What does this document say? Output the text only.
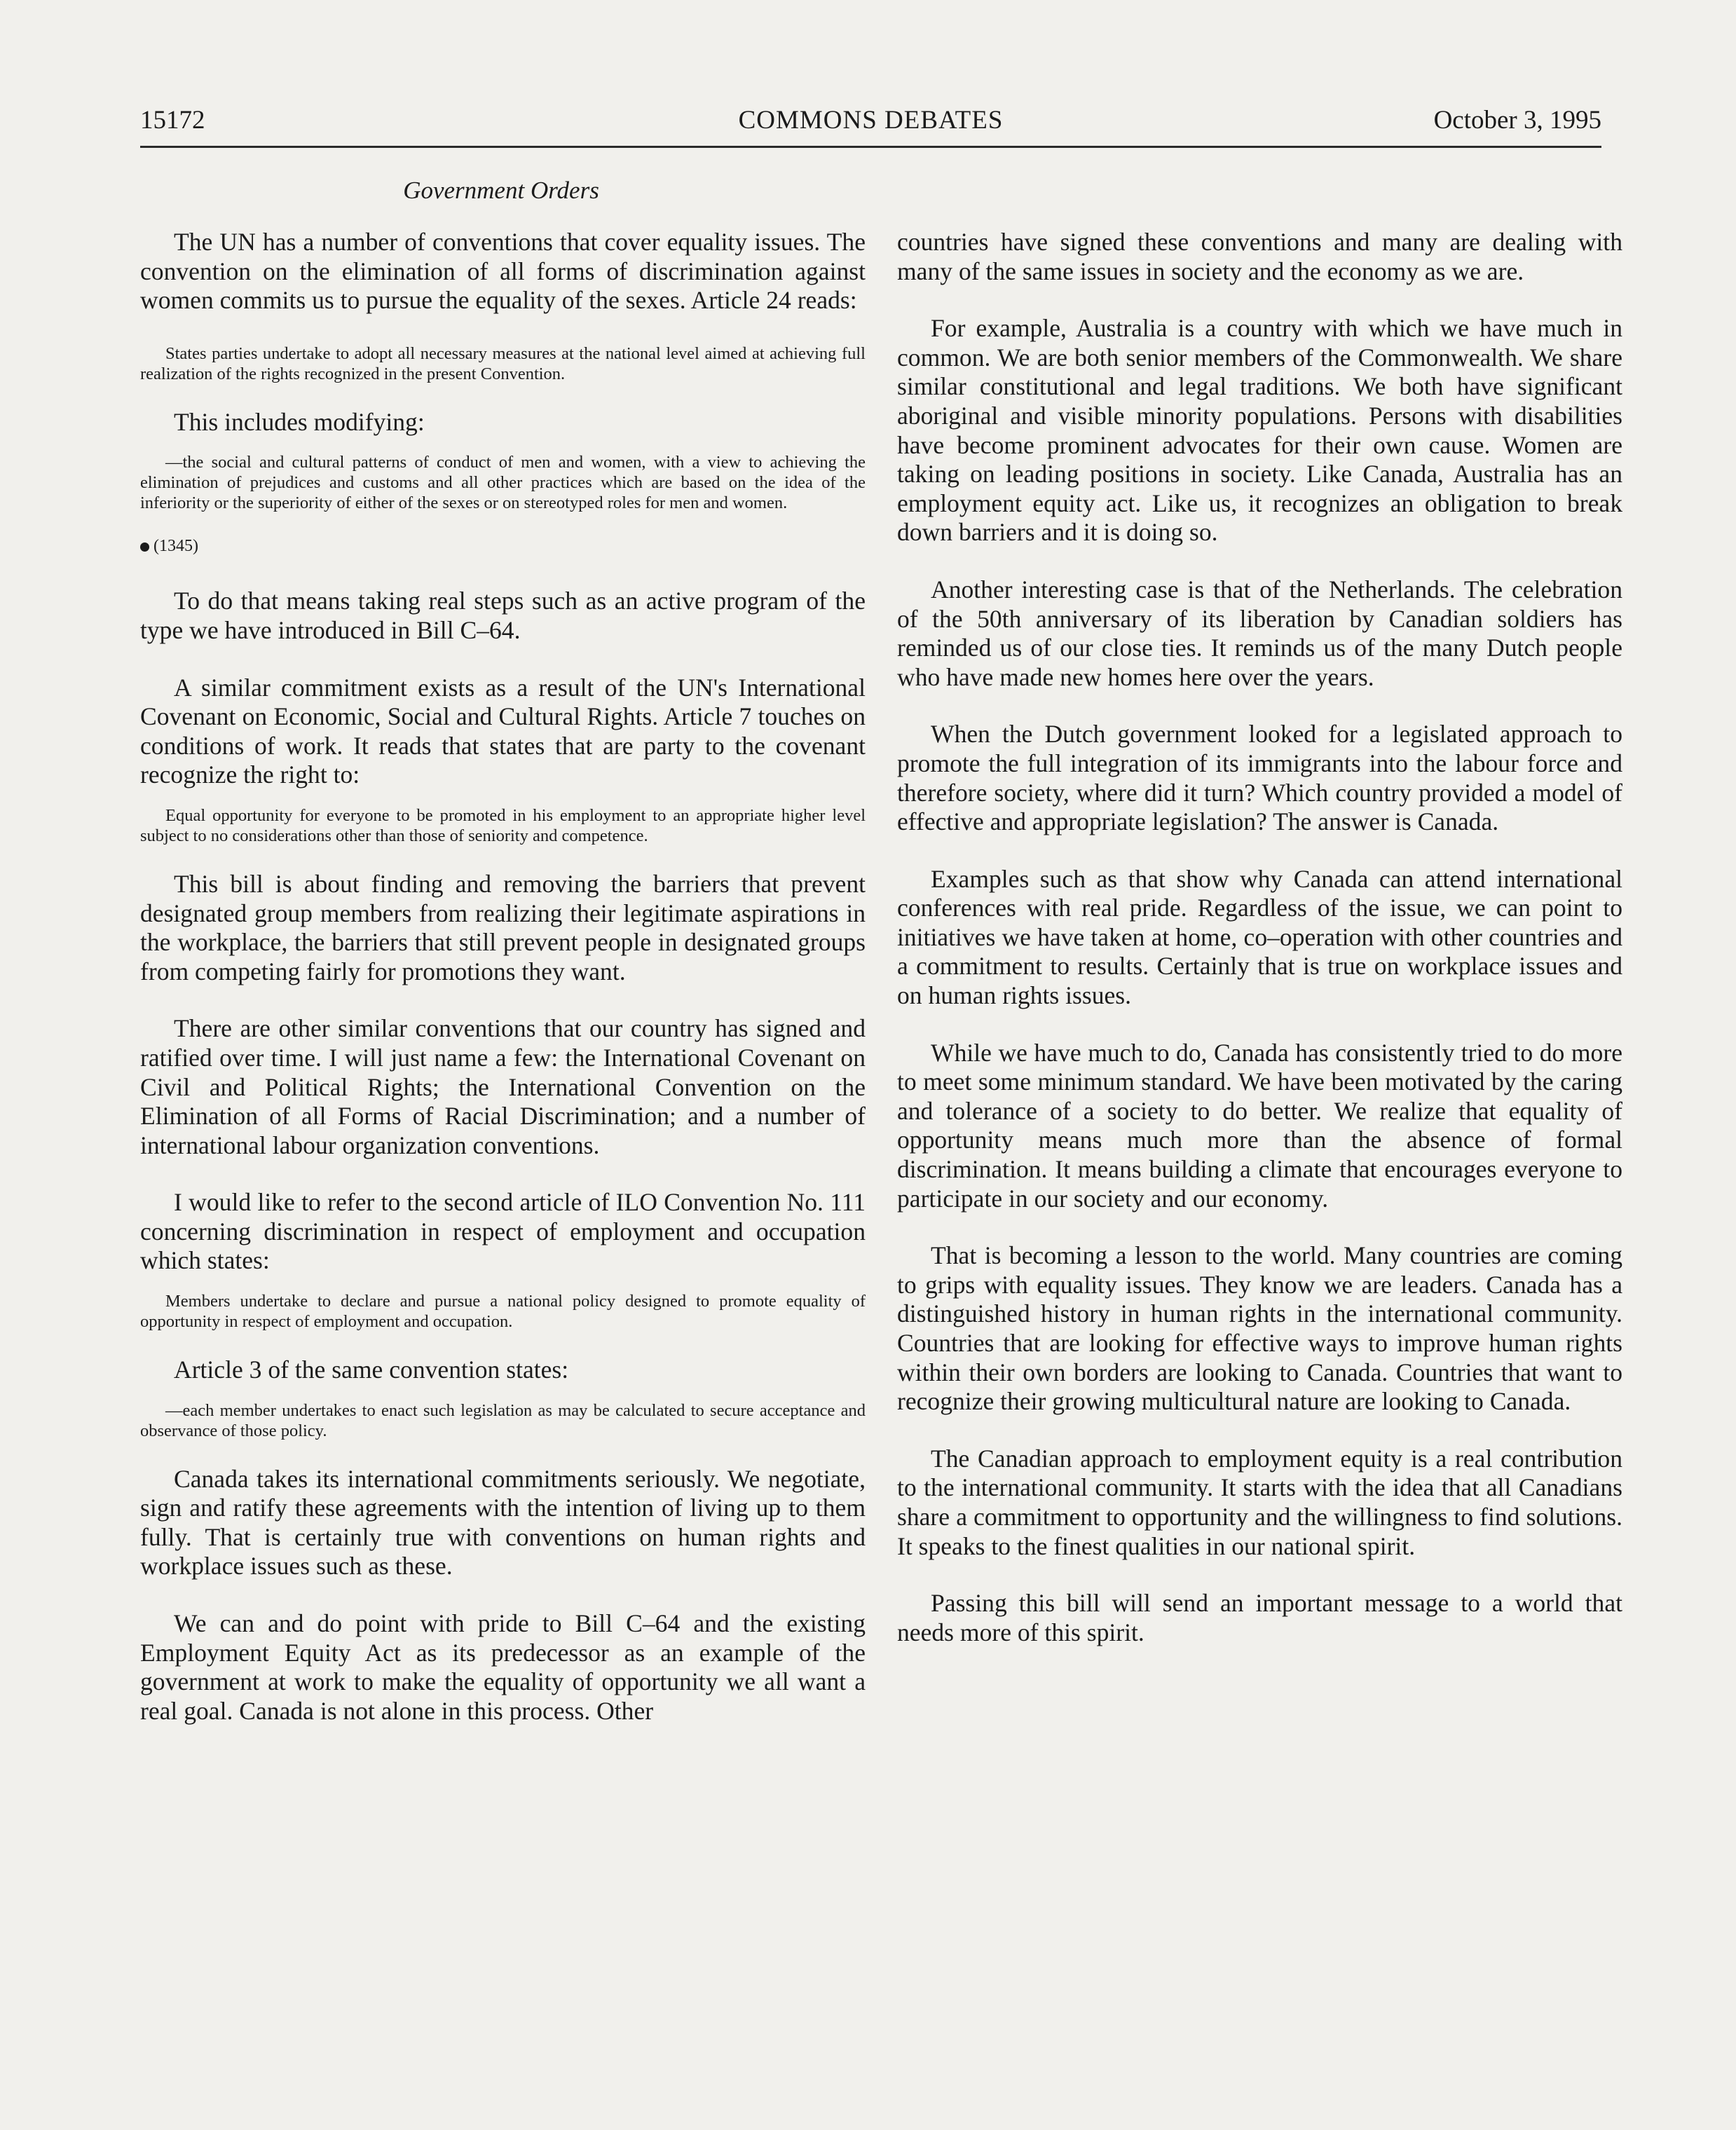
15172	COMMONS DEBATES	October 3, 1995
Government Orders

The UN has a number of conventions that cover equality issues. The convention on the elimination of all forms of discrimination against women commits us to pursue the equality of the sexes. Article 24 reads:

States parties undertake to adopt all necessary measures at the national level aimed at achieving full realization of the rights recognized in the present Convention.

This includes modifying:

—the social and cultural patterns of conduct of men and women, with a view to achieving the elimination of prejudices and customs and all other practices which are based on the idea of the inferiority or the superiority of either of the sexes or on stereotyped roles for men and women.

(1345)

To do that means taking real steps such as an active program of the type we have introduced in Bill C–64.

A similar commitment exists as a result of the UN's International Covenant on Economic, Social and Cultural Rights. Article 7 touches on conditions of work. It reads that states that are party to the covenant recognize the right to:

Equal opportunity for everyone to be promoted in his employment to an appropriate higher level subject to no considerations other than those of seniority and competence.

This bill is about finding and removing the barriers that prevent designated group members from realizing their legitimate aspirations in the workplace, the barriers that still prevent people in designated groups from competing fairly for promotions they want.

There are other similar conventions that our country has signed and ratified over time. I will just name a few: the International Covenant on Civil and Political Rights; the International Convention on the Elimination of all Forms of Racial Discrimination; and a number of international labour organization conventions.

I would like to refer to the second article of ILO Convention No. 111 concerning discrimination in respect of employment and occupation which states:

Members undertake to declare and pursue a national policy designed to promote equality of opportunity in respect of employment and occupation.

Article 3 of the same convention states:

—each member undertakes to enact such legislation as may be calculated to secure acceptance and observance of those policy.

Canada takes its international commitments seriously. We negotiate, sign and ratify these agreements with the intention of living up to them fully. That is certainly true with conventions on human rights and workplace issues such as these.

We can and do point with pride to Bill C–64 and the existing Employment Equity Act as its predecessor as an example of the government at work to make the equality of opportunity we all want a real goal. Canada is not alone in this process. Other

countries have signed these conventions and many are dealing with many of the same issues in society and the economy as we are.

For example, Australia is a country with which we have much in common. We are both senior members of the Commonwealth. We share similar constitutional and legal traditions. We both have significant aboriginal and visible minority populations. Persons with disabilities have become prominent advocates for their own cause. Women are taking on leading positions in society. Like Canada, Australia has an employment equity act. Like us, it recognizes an obligation to break down barriers and it is doing so.

Another interesting case is that of the Netherlands. The celebration of the 50th anniversary of its liberation by Canadian soldiers has reminded us of our close ties. It reminds us of the many Dutch people who have made new homes here over the years.

When the Dutch government looked for a legislated approach to promote the full integration of its immigrants into the labour force and therefore society, where did it turn? Which country provided a model of effective and appropriate legislation? The answer is Canada.

Examples such as that show why Canada can attend international conferences with real pride. Regardless of the issue, we can point to initiatives we have taken at home, co–operation with other countries and a commitment to results. Certainly that is true on workplace issues and on human rights issues.

While we have much to do, Canada has consistently tried to do more to meet some minimum standard. We have been motivated by the caring and tolerance of a society to do better. We realize that equality of opportunity means much more than the absence of formal discrimination. It means building a climate that encourages everyone to participate in our society and our economy.

That is becoming a lesson to the world. Many countries are coming to grips with equality issues. They know we are leaders. Canada has a distinguished history in human rights in the international community. Countries that are looking for effective ways to improve human rights within their own borders are looking to Canada. Countries that want to recognize their growing multicultural nature are looking to Canada.

The Canadian approach to employment equity is a real contribution to the international community. It starts with the idea that all Canadians share a commitment to opportunity and the willingness to find solutions. It speaks to the finest qualities in our national spirit.

Passing this bill will send an important message to a world that needs more of this spirit.
